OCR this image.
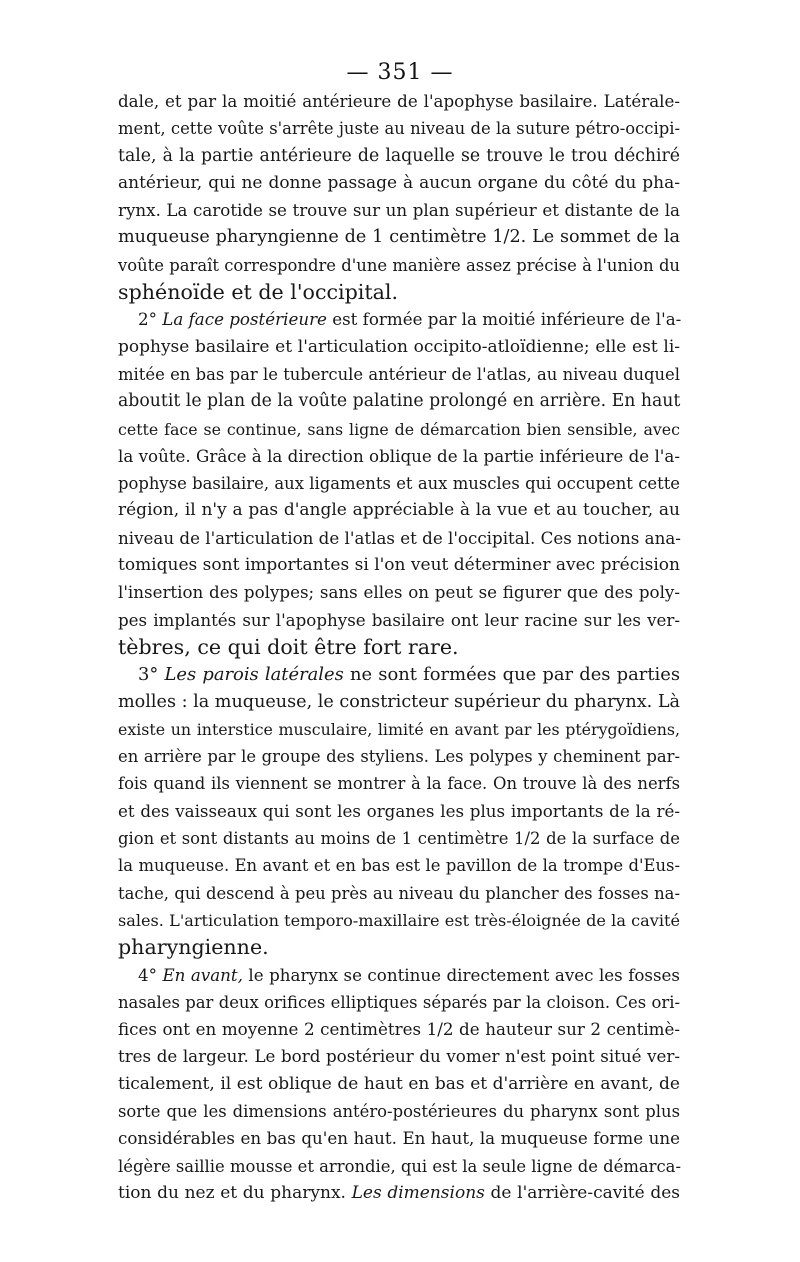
— 351 —
dale, et par la moitié antérieure de l'apophyse basilaire. Latérale-
ment, cette voûte s'arrête juste au niveau de la suture pétro-occipi-
tale, à la partie antérieure de laquelle se trouve le trou déchiré
antérieur, qui ne donne passage à aucun organe du côté du pha-
rynx. La carotide se trouve sur un plan supérieur et distante de la
muqueuse pharyngienne de 1 centimètre 1/2. Le sommet de la
voûte paraît correspondre d'une manière assez précise à l'union du
sphénoïde et de l'occipital.
2° La face postérieure est formée par la moitié inférieure de l'a-
pophyse basilaire et l'articulation occipito-atloïdienne; elle est li-
mitée en bas par le tubercule antérieur de l'atlas, au niveau duquel
aboutit le plan de la voûte palatine prolongé en arrière. En haut
cette face se continue, sans ligne de démarcation bien sensible, avec
la voûte. Grâce à la direction oblique de la partie inférieure de l'a-
pophyse basilaire, aux ligaments et aux muscles qui occupent cette
région, il n'y a pas d'angle appréciable à la vue et au toucher, au
niveau de l'articulation de l'atlas et de l'occipital. Ces notions ana-
tomiques sont importantes si l'on veut déterminer avec précision
l'insertion des polypes; sans elles on peut se figurer que des poly-
pes implantés sur l'apophyse basilaire ont leur racine sur les ver-
tèbres, ce qui doit être fort rare.
3° Les parois latérales ne sont formées que par des parties
molles : la muqueuse, le constricteur supérieur du pharynx. Là
existe un interstice musculaire, limité en avant par les ptérygoïdiens,
en arrière par le groupe des styliens. Les polypes y cheminent par-
fois quand ils viennent se montrer à la face. On trouve là des nerfs
et des vaisseaux qui sont les organes les plus importants de la ré-
gion et sont distants au moins de 1 centimètre 1/2 de la surface de
la muqueuse. En avant et en bas est le pavillon de la trompe d'Eus-
tache, qui descend à peu près au niveau du plancher des fosses na-
sales. L'articulation temporo-maxillaire est très-éloignée de la cavité
pharyngienne.
4° En avant, le pharynx se continue directement avec les fosses
nasales par deux orifices elliptiques séparés par la cloison. Ces ori-
fices ont en moyenne 2 centimètres 1/2 de hauteur sur 2 centimè-
tres de largeur. Le bord postérieur du vomer n'est point situé ver-
ticalement, il est oblique de haut en bas et d'arrière en avant, de
sorte que les dimensions antéro-postérieures du pharynx sont plus
considérables en bas qu'en haut. En haut, la muqueuse forme une
légère saillie mousse et arrondie, qui est la seule ligne de démarca-
tion du nez et du pharynx. Les dimensions de l'arrière-cavité des
